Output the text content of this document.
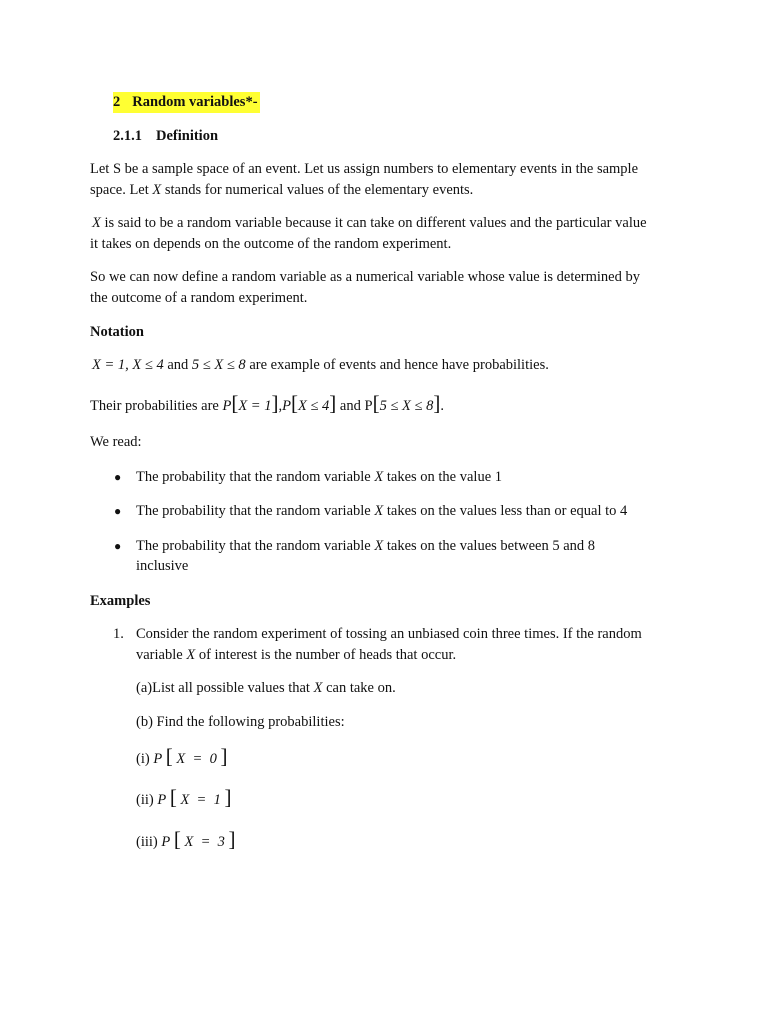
2 Random variables*-
2.1.1 Definition
Let S be a sample space of an event. Let us assign numbers to elementary events in the sample
space. Let X stands for numerical values of the elementary events.
X is said to be a random variable because it can take on different values and the particular value
it takes on depends on the outcome of the random experiment.
So we can now define a random variable as a numerical variable whose value is determined by
the outcome of a random experiment.
Notation
X = 1, X ≤ 4 and 5 ≤ X ≤ 8 are example of events and hence have probabilities.
Their probabilities are P[X = 1],P[X ≤ 4] and P[5 ≤ X ≤ 8].
We read:
● The probability that the random variable X takes on the value 1
● The probability that the random variable X takes on the values less than or equal to 4
● The probability that the random variable X takes on the values between 5 and 8
inclusive
Examples
1. Consider the random experiment of tossing an unbiased coin three times. If the random
variable X of interest is the number of heads that occur.
(a)List all possible values that X can take on.
(b) Find the following probabilities:
(i) P [ X  =  0 ]
(ii) P [ X  =  1 ]
(iii) P [ X  =  3 ]
